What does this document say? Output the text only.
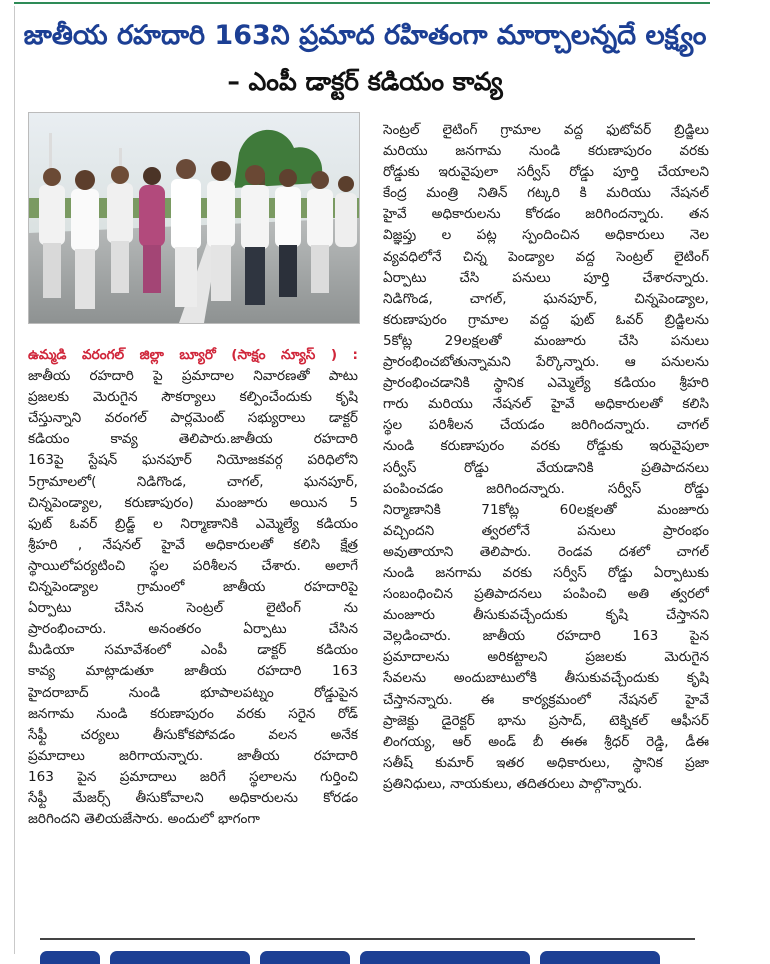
జాతీయ రహదారి 163ని ప్రమాద రహితంగా మార్చాలన్నదే లక్ష్యం
– ఎంపీ డాక్టర్ కడియం కావ్య
ఉమ్మడి వరంగల్ జిల్లా బ్యూరో (సాక్షం న్యూస్ ) :
జాతీయ రహదారి పై ప్రమాదాల నివారణతో పాటు
ప్రజలకు మెరుగైన సౌకర్యాలు కల్పించేందుకు కృషి
చేస్తున్నాని వరంగల్ పార్లమెంట్ సభ్యురాలు డాక్టర్
కడియం కావ్య తెలిపారు.జాతీయ రహదారి
163పై స్టేషన్ ఘనపూర్ నియోజకవర్గ పరిధిలోని
5గ్రామాలలో( నిడిగొండ, చాగల్, ఘనపూర్,
చిన్నపెండ్యాల, కరుణాపురం) మంజూరు అయిన 5
ఫుట్ ఓవర్ బ్రిడ్జ్ ల నిర్మాణానికి ఎమ్మెల్యే కడియం
శ్రీహరి , నేషనల్ హైవే అధికారులతో కలిసి క్షేత్ర
స్థాయిలోపర్యటించి స్థల పరిశీలన చేశారు. అలాగే
చిన్నపెండ్యాల గ్రామంలో జాతీయ రహదారిపై
ఏర్పాటు చేసిన సెంట్రల్ లైటింగ్ ను
ప్రారంభించారు. అనంతరం ఏర్పాటు చేసిన
మీడియా సమావేశంలో ఎంపీ డాక్టర్ కడియం
కావ్య మాట్లాడుతూ జాతీయ రహదారి 163
హైదరాబాద్ నుండి భూపాలపట్నం రోడ్డుపైన
జనగామ నుండి కరుణాపురం వరకు సరైన రోడ్
సేఫ్టీ చర్యలు తీసుకోకపోవడం వలన అనేక
ప్రమాదాలు జరిగాయన్నారు. జాతీయ రహదారి
163 పైన ప్రమాదాలు జరిగే స్థలాలను గుర్తించి
సేఫ్టీ మేజర్స్ తీసుకోవాలని అధికారులను కోరడం
జరిగిందని తెలియజేసారు. అందులో భాగంగా
సెంట్రల్ లైటింగ్ గ్రామాల వద్ద ఫుటోవర్ బ్రిడ్జిలు
మరియు జనగామ నుండి కరుణాపురం వరకు
రోడ్డుకు ఇరువైపులా సర్వీస్ రోడ్డు పూర్తి చేయాలని
కేంద్ర మంత్రి నితిన్ గట్కరి కి మరియు నేషనల్
హైవే అధికారులను కోరడం జరిగిందన్నారు. తన
విజ్ఞప్తు ల పట్ల స్పందించిన అధికారులు నెల
వ్యవధిలోనే చిన్న పెండ్యాల వద్ద సెంట్రల్ లైటింగ్
ఏర్పాటు చేసి పనులు పూర్తి చేశారన్నారు.
నిడిగొండ, చాగల్, ఘనపూర్, చిన్నపెండ్యాల,
కరుణాపురం గ్రామాల వద్ద ఫుట్ ఓవర్ బ్రిడ్జిలను
5కోట్ల 29లక్షలతో మంజూరు చేసి పనులు
ప్రారంభించబోతున్నామని పేర్కొన్నారు. ఆ పనులను
ప్రారంభించడానికి స్థానిక ఎమ్మెల్యే కడియం శ్రీహరి
గారు మరియు నేషనల్ హైవే అధికారులతో కలిసి
స్థల పరిశీలన చేయడం జరిగిందన్నారు. చాగల్
నుండి కరుణాపురం వరకు రోడ్డుకు ఇరువైపులా
సర్వీస్ రోడ్డు వేయడానికి ప్రతిపాదనలు
పంపించడం జరిగిందన్నారు. సర్వీస్ రోడ్డు
నిర్మాణానికి 71కోట్ల 60లక్షలతో మంజూరు
వచ్చిందని త్వరలోనే పనులు ప్రారంభం
అవుతాయాని తెలిపారు. రెండవ దశలో చాగల్
నుండి జనగామ వరకు సర్వీస్ రోడ్డు ఏర్పాటుకు
సంబంధించిన ప్రతిపాదనలు పంపించి అతి త్వరలో
మంజూరు తీసుకువచ్చేందుకు కృషి చేస్తానని
వెల్లడించారు. జాతీయ రహదారి 163 పైన
ప్రమాదాలను అరికట్టాలని ప్రజలకు మెరుగైన
సేవలను అందుబాటులోకి తీసుకువచ్చేందుకు కృషి
చేస్తానన్నారు. ఈ కార్యక్రమంలో నేషనల్ హైవే
ప్రాజెక్టు డైరెక్టర్ భాను ప్రసాద్, టెక్నికల్ ఆఫీసర్
లింగయ్య, ఆర్ అండ్ బీ ఈఈ శ్రీధర్ రెడ్డి, డీఈ
సతీష్ కుమార్ ఇతర అధికారులు, స్థానిక ప్రజా
ప్రతినిధులు, నాయకులు, తదితరులు పాల్గొన్నారు.
